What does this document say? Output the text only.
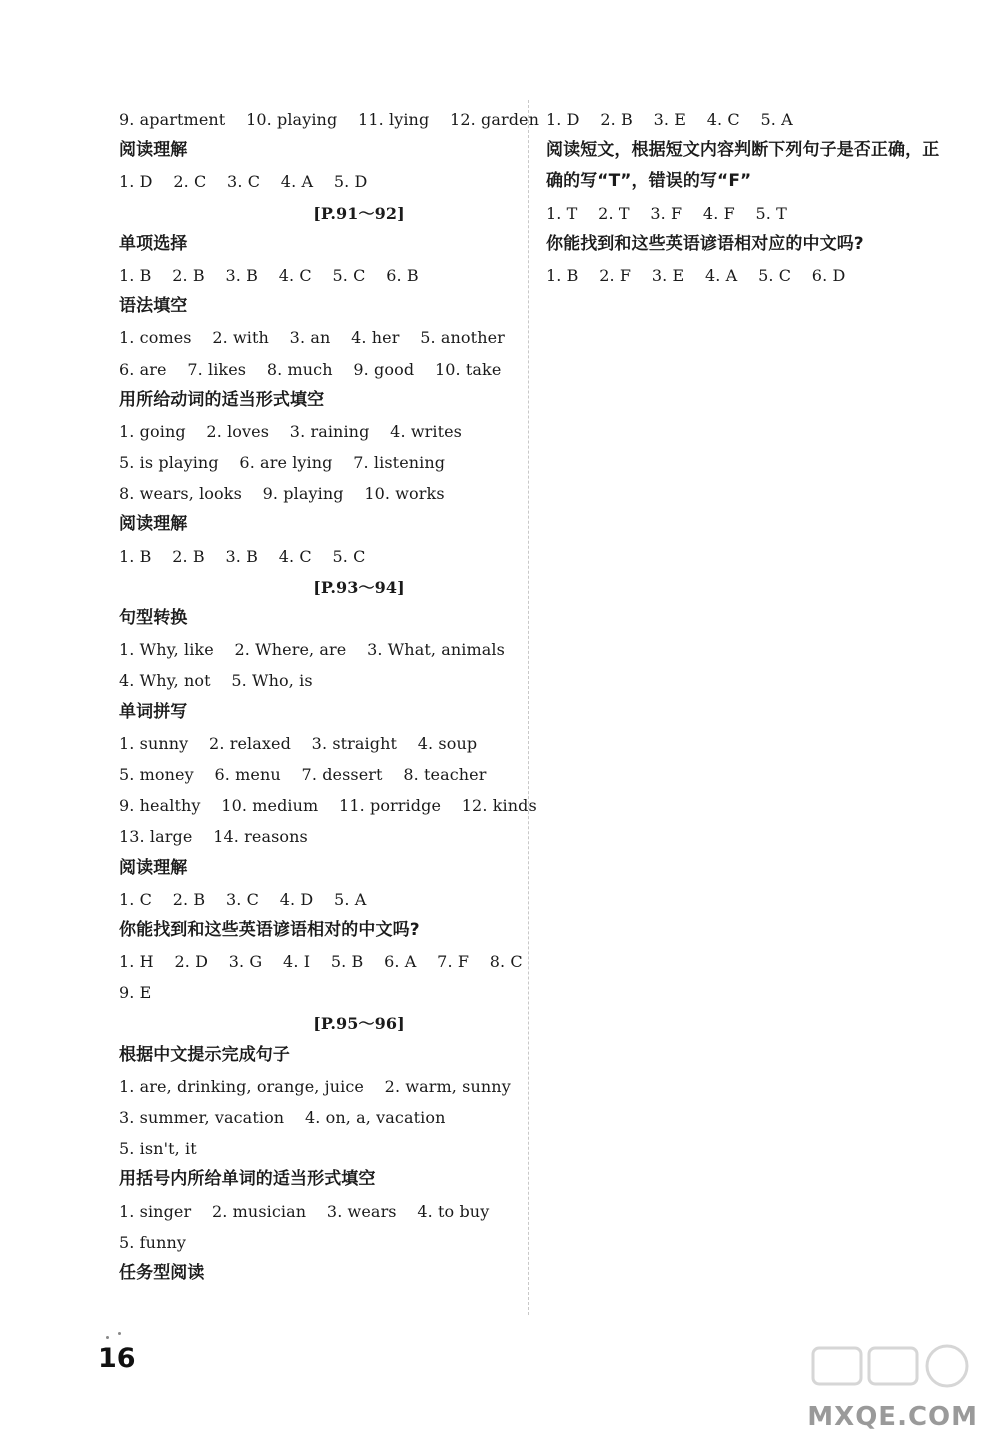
9. apartment    10. playing    11. lying    12. garden
阅读理解
1. D    2. C    3. C    4. A    5. D
[P.91～92]
单项选择
1. B    2. B    3. B    4. C    5. C    6. B
语法填空
1. comes    2. with    3. an    4. her    5. another
6. are    7. likes    8. much    9. good    10. take
用所给动词的适当形式填空
1. going    2. loves    3. raining    4. writes
5. is playing    6. are lying    7. listening
8. wears, looks    9. playing    10. works
阅读理解
1. B    2. B    3. B    4. C    5. C
[P.93～94]
句型转换
1. Why, like    2. Where, are    3. What, animals
4. Why, not    5. Who, is
单词拼写
1. sunny    2. relaxed    3. straight    4. soup
5. money    6. menu    7. dessert    8. teacher
9. healthy    10. medium    11. porridge    12. kinds
13. large    14. reasons
阅读理解
1. C    2. B    3. C    4. D    5. A
你能找到和这些英语谚语相对的中文吗?
1. H    2. D    3. G    4. I    5. B    6. A    7. F    8. C
9. E
[P.95～96]
根据中文提示完成句子
1. are, drinking, orange, juice    2. warm, sunny
3. summer, vacation    4. on, a, vacation
5. isn't, it
用括号内所给单词的适当形式填空
1. singer    2. musician    3. wears    4. to buy
5. funny
任务型阅读
1. D    2. B    3. E    4. C    5. A
阅读短文，根据短文内容判断下列句子是否正确，正确的写“T”，错误的写“F”
1. T    2. T    3. F    4. F    5. T
你能找到和这些英语谚语相对应的中文吗?
1. B    2. F    3. E    4. A    5. C    6. D
16
MXQE.COM
